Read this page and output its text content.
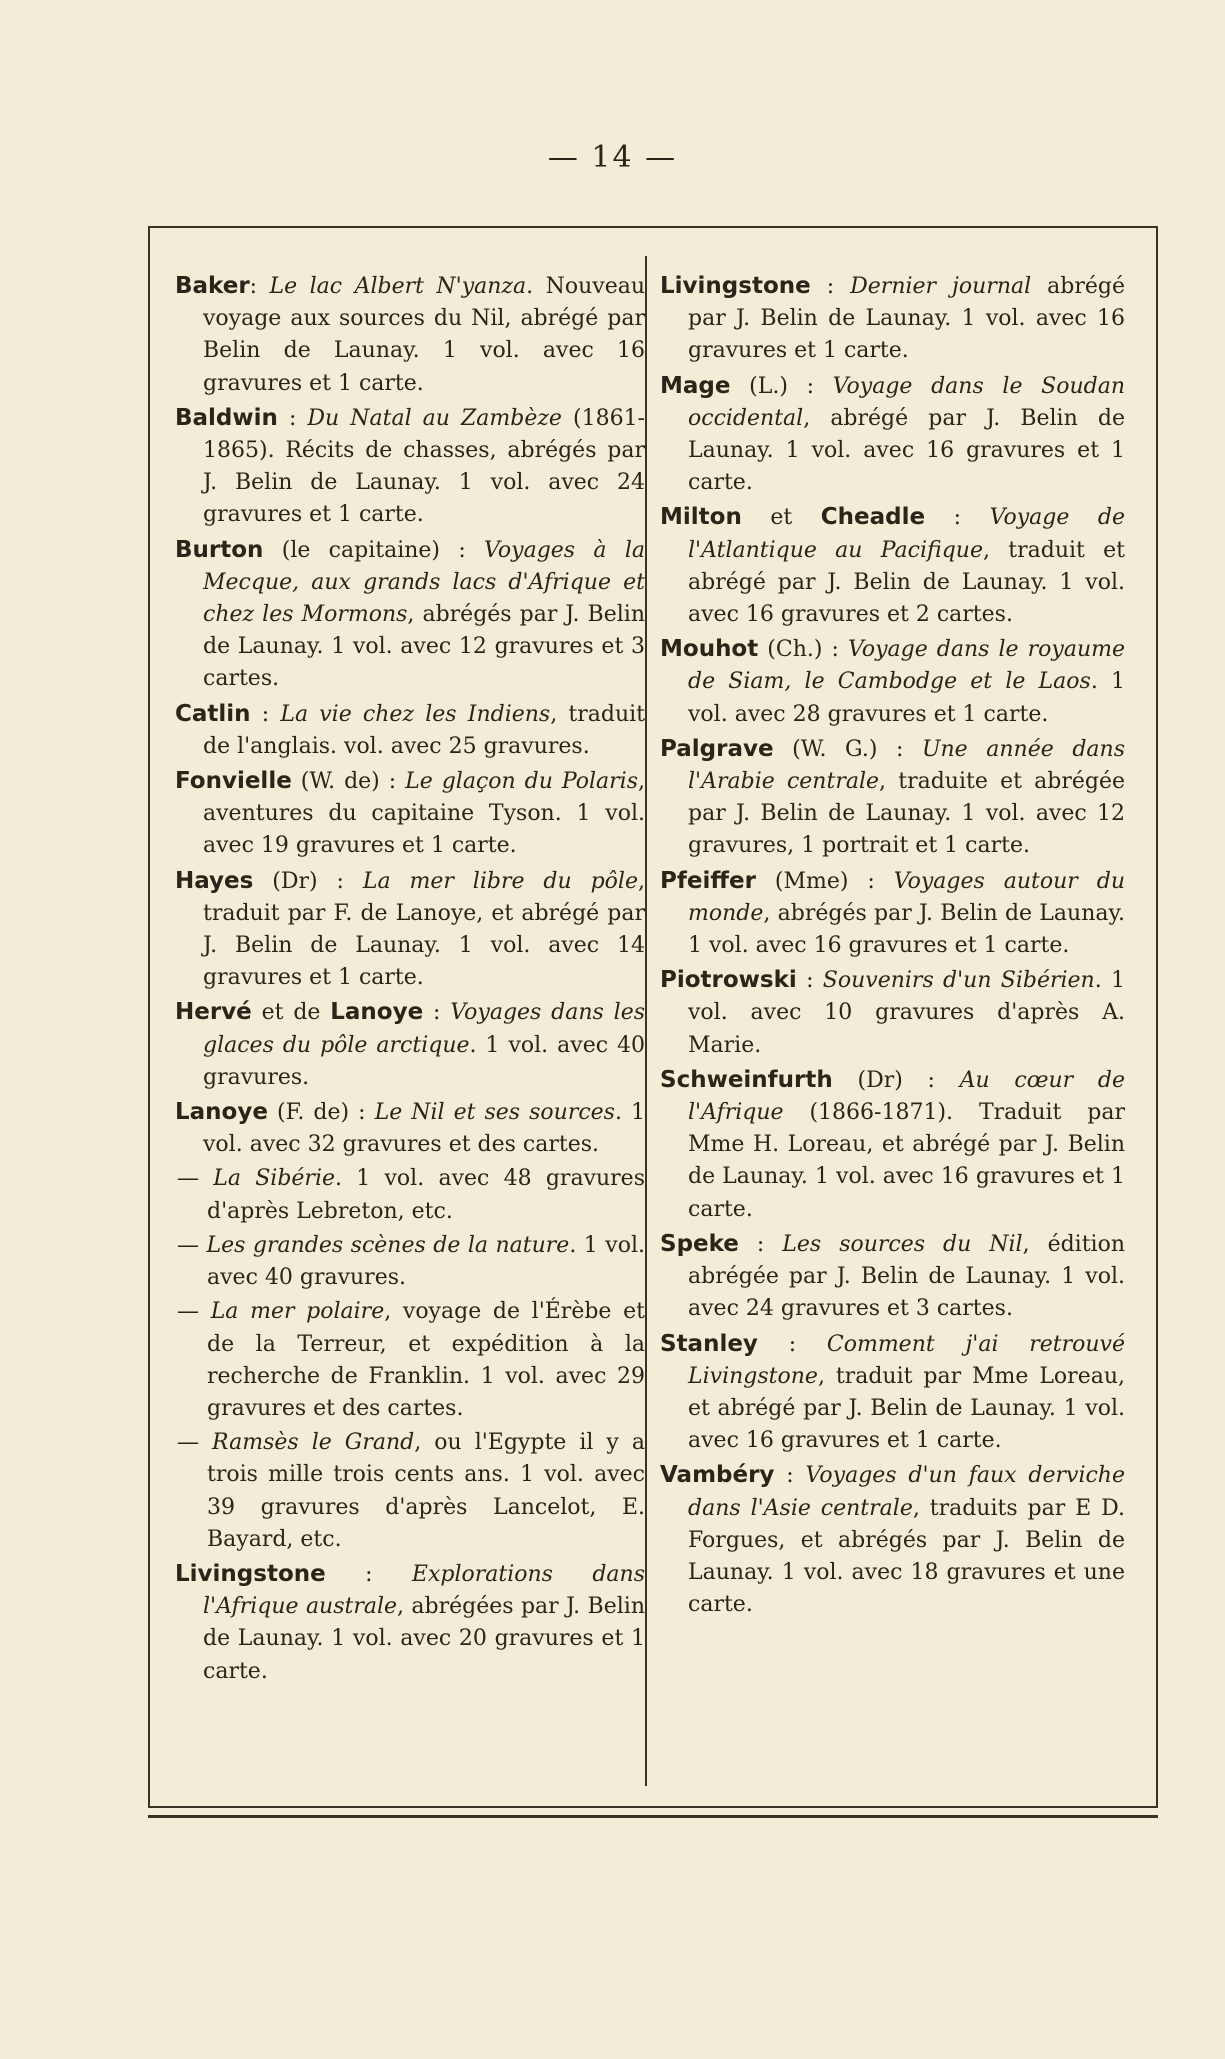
— 14 —

Baker: Le lac Albert N'yanza. Nouveau voyage aux sources du Nil, abrégé par Belin de Launay. 1 vol. avec 16 gravures et 1 carte.

Baldwin : Du Natal au Zambèze (1861-1865). Récits de chasses, abrégés par J. Belin de Launay. 1 vol. avec 24 gravures et 1 carte.

Burton (le capitaine) : Voyages à la Mecque, aux grands lacs d'Afrique et chez les Mormons, abrégés par J. Belin de Launay. 1 vol. avec 12 gravures et 3 cartes.

Catlin : La vie chez les Indiens, traduit de l'anglais. vol. avec 25 gravures.

Fonvielle (W. de) : Le glaçon du Polaris, aventures du capitaine Tyson. 1 vol. avec 19 gravures et 1 carte.

Hayes (Dr) : La mer libre du pôle, traduit par F. de Lanoye, et abrégé par J. Belin de Launay. 1 vol. avec 14 gravures et 1 carte.

Hervé et de Lanoye : Voyages dans les glaces du pôle arctique. 1 vol. avec 40 gravures.

Lanoye (F. de) : Le Nil et ses sources. 1 vol. avec 32 gravures et des cartes.

— La Sibérie. 1 vol. avec 48 gravures d'après Lebreton, etc.

— Les grandes scènes de la nature. 1 vol. avec 40 gravures.

— La mer polaire, voyage de l'Érèbe et de la Terreur, et expédition à la recherche de Franklin. 1 vol. avec 29 gravures et des cartes.

— Ramsès le Grand, ou l'Egypte il y a trois mille trois cents ans. 1 vol. avec 39 gravures d'après Lancelot, E. Bayard, etc.

Livingstone : Explorations dans l'Afrique australe, abrégées par J. Belin de Launay. 1 vol. avec 20 gravures et 1 carte.

Livingstone : Dernier journal abrégé par J. Belin de Launay. 1 vol. avec 16 gravures et 1 carte.

Mage (L.) : Voyage dans le Soudan occidental, abrégé par J. Belin de Launay. 1 vol. avec 16 gravures et 1 carte.

Milton et Cheadle : Voyage de l'Atlantique au Pacifique, traduit et abrégé par J. Belin de Launay. 1 vol. avec 16 gravures et 2 cartes.

Mouhot (Ch.) : Voyage dans le royaume de Siam, le Cambodge et le Laos. 1 vol. avec 28 gravures et 1 carte.

Palgrave (W. G.) : Une année dans l'Arabie centrale, traduite et abrégée par J. Belin de Launay. 1 vol. avec 12 gravures, 1 portrait et 1 carte.

Pfeiffer (Mme) : Voyages autour du monde, abrégés par J. Belin de Launay. 1 vol. avec 16 gravures et 1 carte.

Piotrowski : Souvenirs d'un Sibérien. 1 vol. avec 10 gravures d'après A. Marie.

Schweinfurth (Dr) : Au cœur de l'Afrique (1866-1871). Traduit par Mme H. Loreau, et abrégé par J. Belin de Launay. 1 vol. avec 16 gravures et 1 carte.

Speke : Les sources du Nil, édition abrégée par J. Belin de Launay. 1 vol. avec 24 gravures et 3 cartes.

Stanley : Comment j'ai retrouvé Livingstone, traduit par Mme Loreau, et abrégé par J. Belin de Launay. 1 vol. avec 16 gravures et 1 carte.

Vambéry : Voyages d'un faux derviche dans l'Asie centrale, traduits par E D. Forgues, et abrégés par J. Belin de Launay. 1 vol. avec 18 gravures et une carte.
